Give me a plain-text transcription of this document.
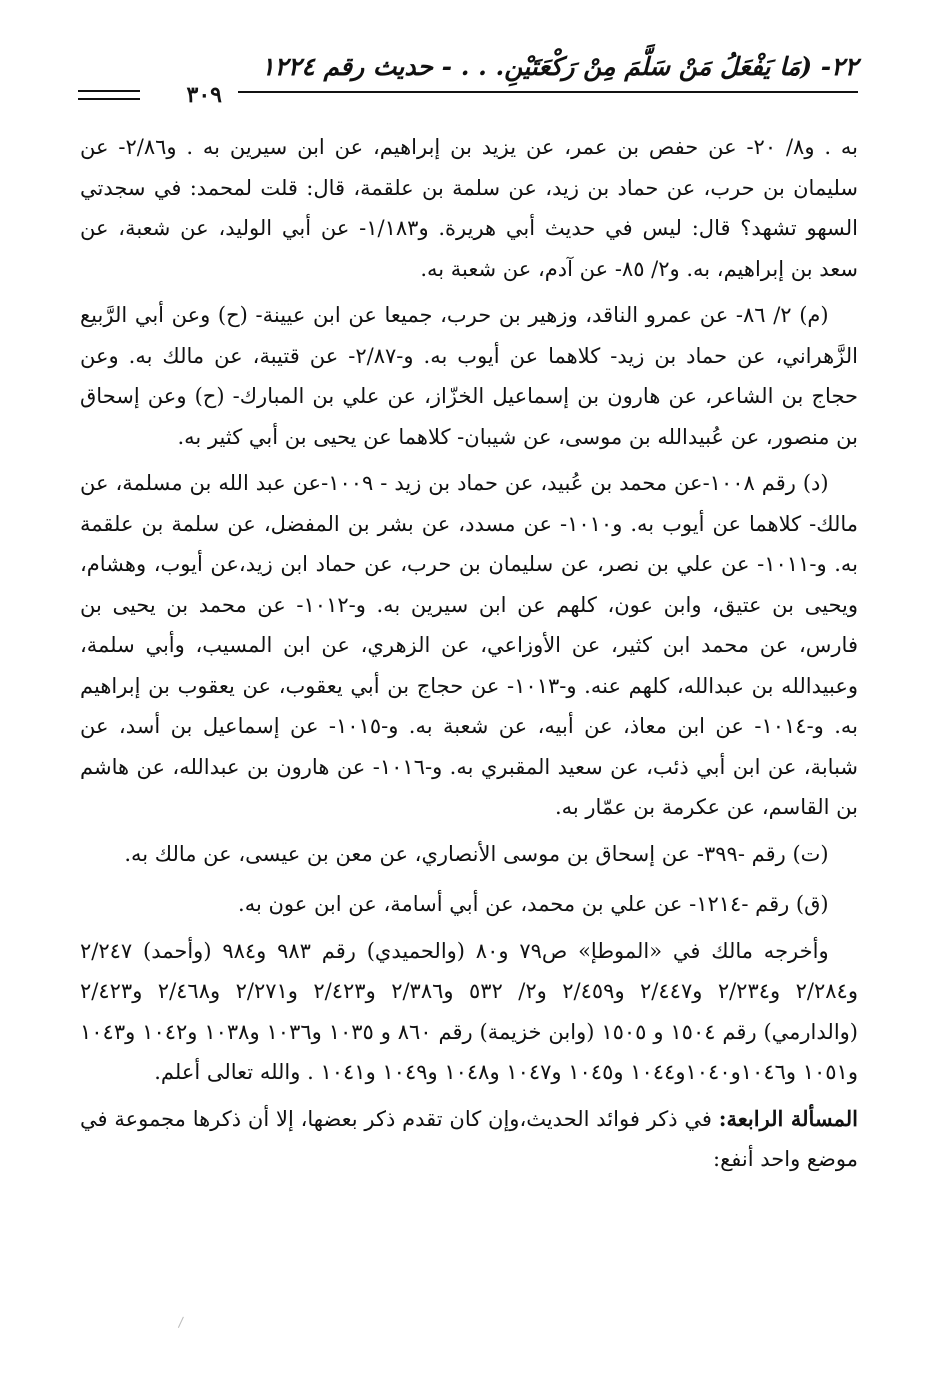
٢٢- (مَا يَفْعَلُ مَنْ سَلَّمَ مِنْ رَكْعَتَيْنِ. . . - حديث رقم ١٢٢٤
٣٠٩

به . و٨/ ٢٠- عن حفص بن عمر، عن يزيد بن إبراهيم، عن ابن سيرين به . و٢/٨٦- عن سليمان بن حرب، عن حماد بن زيد، عن سلمة بن علقمة، قال: قلت لمحمد: في سجدتي السهو تشهد؟ قال: ليس في حديث أبي هريرة. و١/١٨٣- عن أبي الوليد، عن شعبة، عن سعد بن إبراهيم، به. و٢/ ٨٥- عن آدم، عن شعبة به.

(م) ٢/ ٨٦- عن عمرو الناقد، وزهير بن حرب، جميعا عن ابن عيينة- (ح) وعن أبي الرَّبيع الزَّهراني، عن حماد بن زيد- كلاهما عن أيوب به. و-٢/٨٧- عن قتيبة، عن مالك به. وعن حجاج بن الشاعر، عن هارون بن إسماعيل الخزّاز، عن علي بن المبارك- (ح) وعن إسحاق بن منصور، عن عُبيدالله بن موسى، عن شيبان- كلاهما عن يحيى بن أبي كثير به.

(د) رقم ١٠٠٨-عن محمد بن عُبيد، عن حماد بن زيد - ١٠٠٩-عن عبد الله بن مسلمة، عن مالك- كلاهما عن أيوب به. و١٠١٠- عن مسدد، عن بشر بن المفضل، عن سلمة بن علقمة به. و-١٠١١- عن علي بن نصر، عن سليمان بن حرب، عن حماد ابن زيد،عن أيوب، وهشام، ويحيى بن عتيق، وابن عون، كلهم عن ابن سيرين به. و-١٠١٢- عن محمد بن يحيى بن فارس، عن محمد ابن كثير، عن الأوزاعي، عن الزهري، عن ابن المسيب، وأبي سلمة، وعبيدالله بن عبدالله، كلهم عنه. و-١٠١٣- عن حجاج بن أبي يعقوب، عن يعقوب بن إبراهيم به. و-١٠١٤- عن ابن معاذ، عن أبيه، عن شعبة به. و-١٠١٥- عن إسماعيل بن أسد، عن شبابة، عن ابن أبي ذئب، عن سعيد المقبري به. و-١٠١٦- عن هارون بن عبدالله، عن هاشم بن القاسم، عن عكرمة بن عمّار به.

(ت) رقم -٣٩٩- عن إسحاق بن موسى الأنصاري، عن معن بن عيسى، عن مالك به.

(ق) رقم -١٢١٤- عن علي بن محمد، عن أبي أسامة، عن ابن عون به.

وأخرجه مالك في «الموطإ» ص٧٩ و٨٠ (والحميدي) رقم ٩٨٣ و٩٨٤ (وأحمد) ٢/٢٤٧ و٢/٢٨٤ و٢/٢٣٤ و٢/٤٤٧ و٢/٤٥٩ و٢/ ٥٣٢ و٢/٣٨٦ و٢/٤٢٣ و٢/٢٧١ و٢/٤٦٨ و٢/٤٢٣ (والدارمي) رقم ١٥٠٤ و ١٥٠٥ (وابن خزيمة) رقم ٨٦٠ و ١٠٣٥ و١٠٣٦ و١٠٣٨ و١٠٤٢ و١٠٤٣ و١٠٥١ و١٠٤٦و١٠٤٠و١٠٤٤ و١٠٤٥ و١٠٤٧ و١٠٤٨ و١٠٤٩ و١٠٤١ . والله تعالى أعلم.

المسألة الرابعة: في ذكر فوائد الحديث،وإن كان تقدم ذكر بعضها، إلا أن ذكرها مجموعة في موضع واحد أنفع:
